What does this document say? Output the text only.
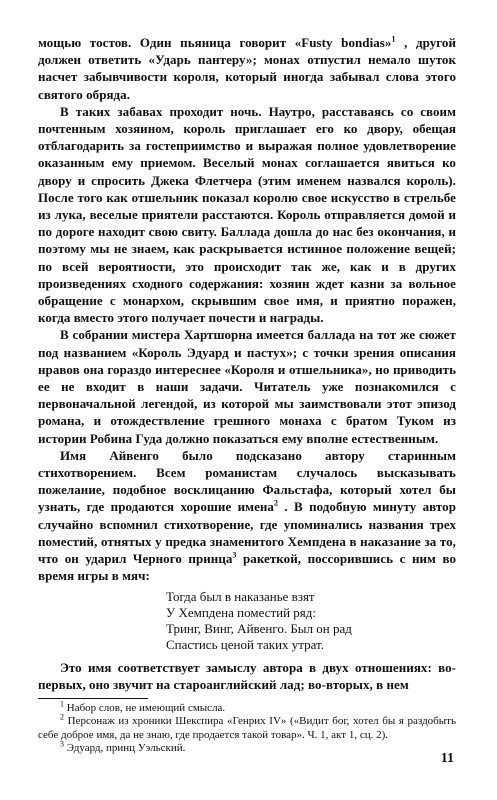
мощью тостов. Один пьяница говорит «Fusty bondias»$^1$ , другой должен ответить «Ударь пантеру»; монах отпустил немало шуток насчет забывчивости короля, который иногда забывал слова этого святого обряда.

В таких забавах проходит ночь. Наутро, расставаясь со своим почтенным хозяином, король приглашает его ко двору, обещая отблагодарить за гостеприимство и выражая полное удовлетворение оказанным ему приемом. Веселый монах соглашается явиться ко двору и спросить Джека Флетчера (этим именем назвался король). После того как отшельник показал королю свое искусство в стрельбе из лука, веселые приятели расстаются. Король отправляется домой и по дороге находит свою свиту. Баллада дошла до нас без окончания, и поэтому мы не знаем, как раскрывается истинное положение вещей; по всей вероятности, это происходит так же, как и в других произведениях сходного содержания: хозяин ждет казни за вольное обращение с монархом, скрывшим свое имя, и приятно поражен, когда вместо этого получает почести и награды.

В собрании мистера Хартшорна имеется баллада на тот же сюжет под названием «Король Эдуард и пастух»; с точки зрения описания нравов она гораздо интереснее «Короля и отшельника», но приводить ее не входит в наши задачи. Читатель уже познакомился с первоначальной легендой, из которой мы заимствовали этот эпизод романа, и отождествление грешного монаха с братом Туком из истории Робина Гуда должно показаться ему вполне естественным.

Имя Айвенго было подсказано автору старинным стихотворением. Всем романистам случалось высказывать пожелание, подобное восклицанию Фальстафа, который хотел бы узнать, где продаются хорошие имена$^2$ . В подобную минуту автор случайно вспомнил стихотворение, где упоминались названия трех поместий, отнятых у предка знаменитого Хемпдена в наказание за то, что он ударил Черного принца$^3$ ракеткой, поссорившись с ним во время игры в мяч:

Тогда был в наказанье взят
У Хемпдена поместий ряд:
Тринг, Винг, Айвенго. Был он рад
Спастись ценой таких утрат.

Это имя соответствует замыслу автора в двух отношениях: во-первых, оно звучит на староанглийский лад; во-вторых, в нем

$^1$ Набор слов, не имеющий смысла.

$^2$ Персонаж из хроники Шекспира «Генрих IV» («Видит бог, хотел бы я раздобыть себе доброе имя, да не знаю, где продается такой товар». Ч. 1, акт 1, сц. 2).

$^3$ Эдуард, принц Уэльский.

11
